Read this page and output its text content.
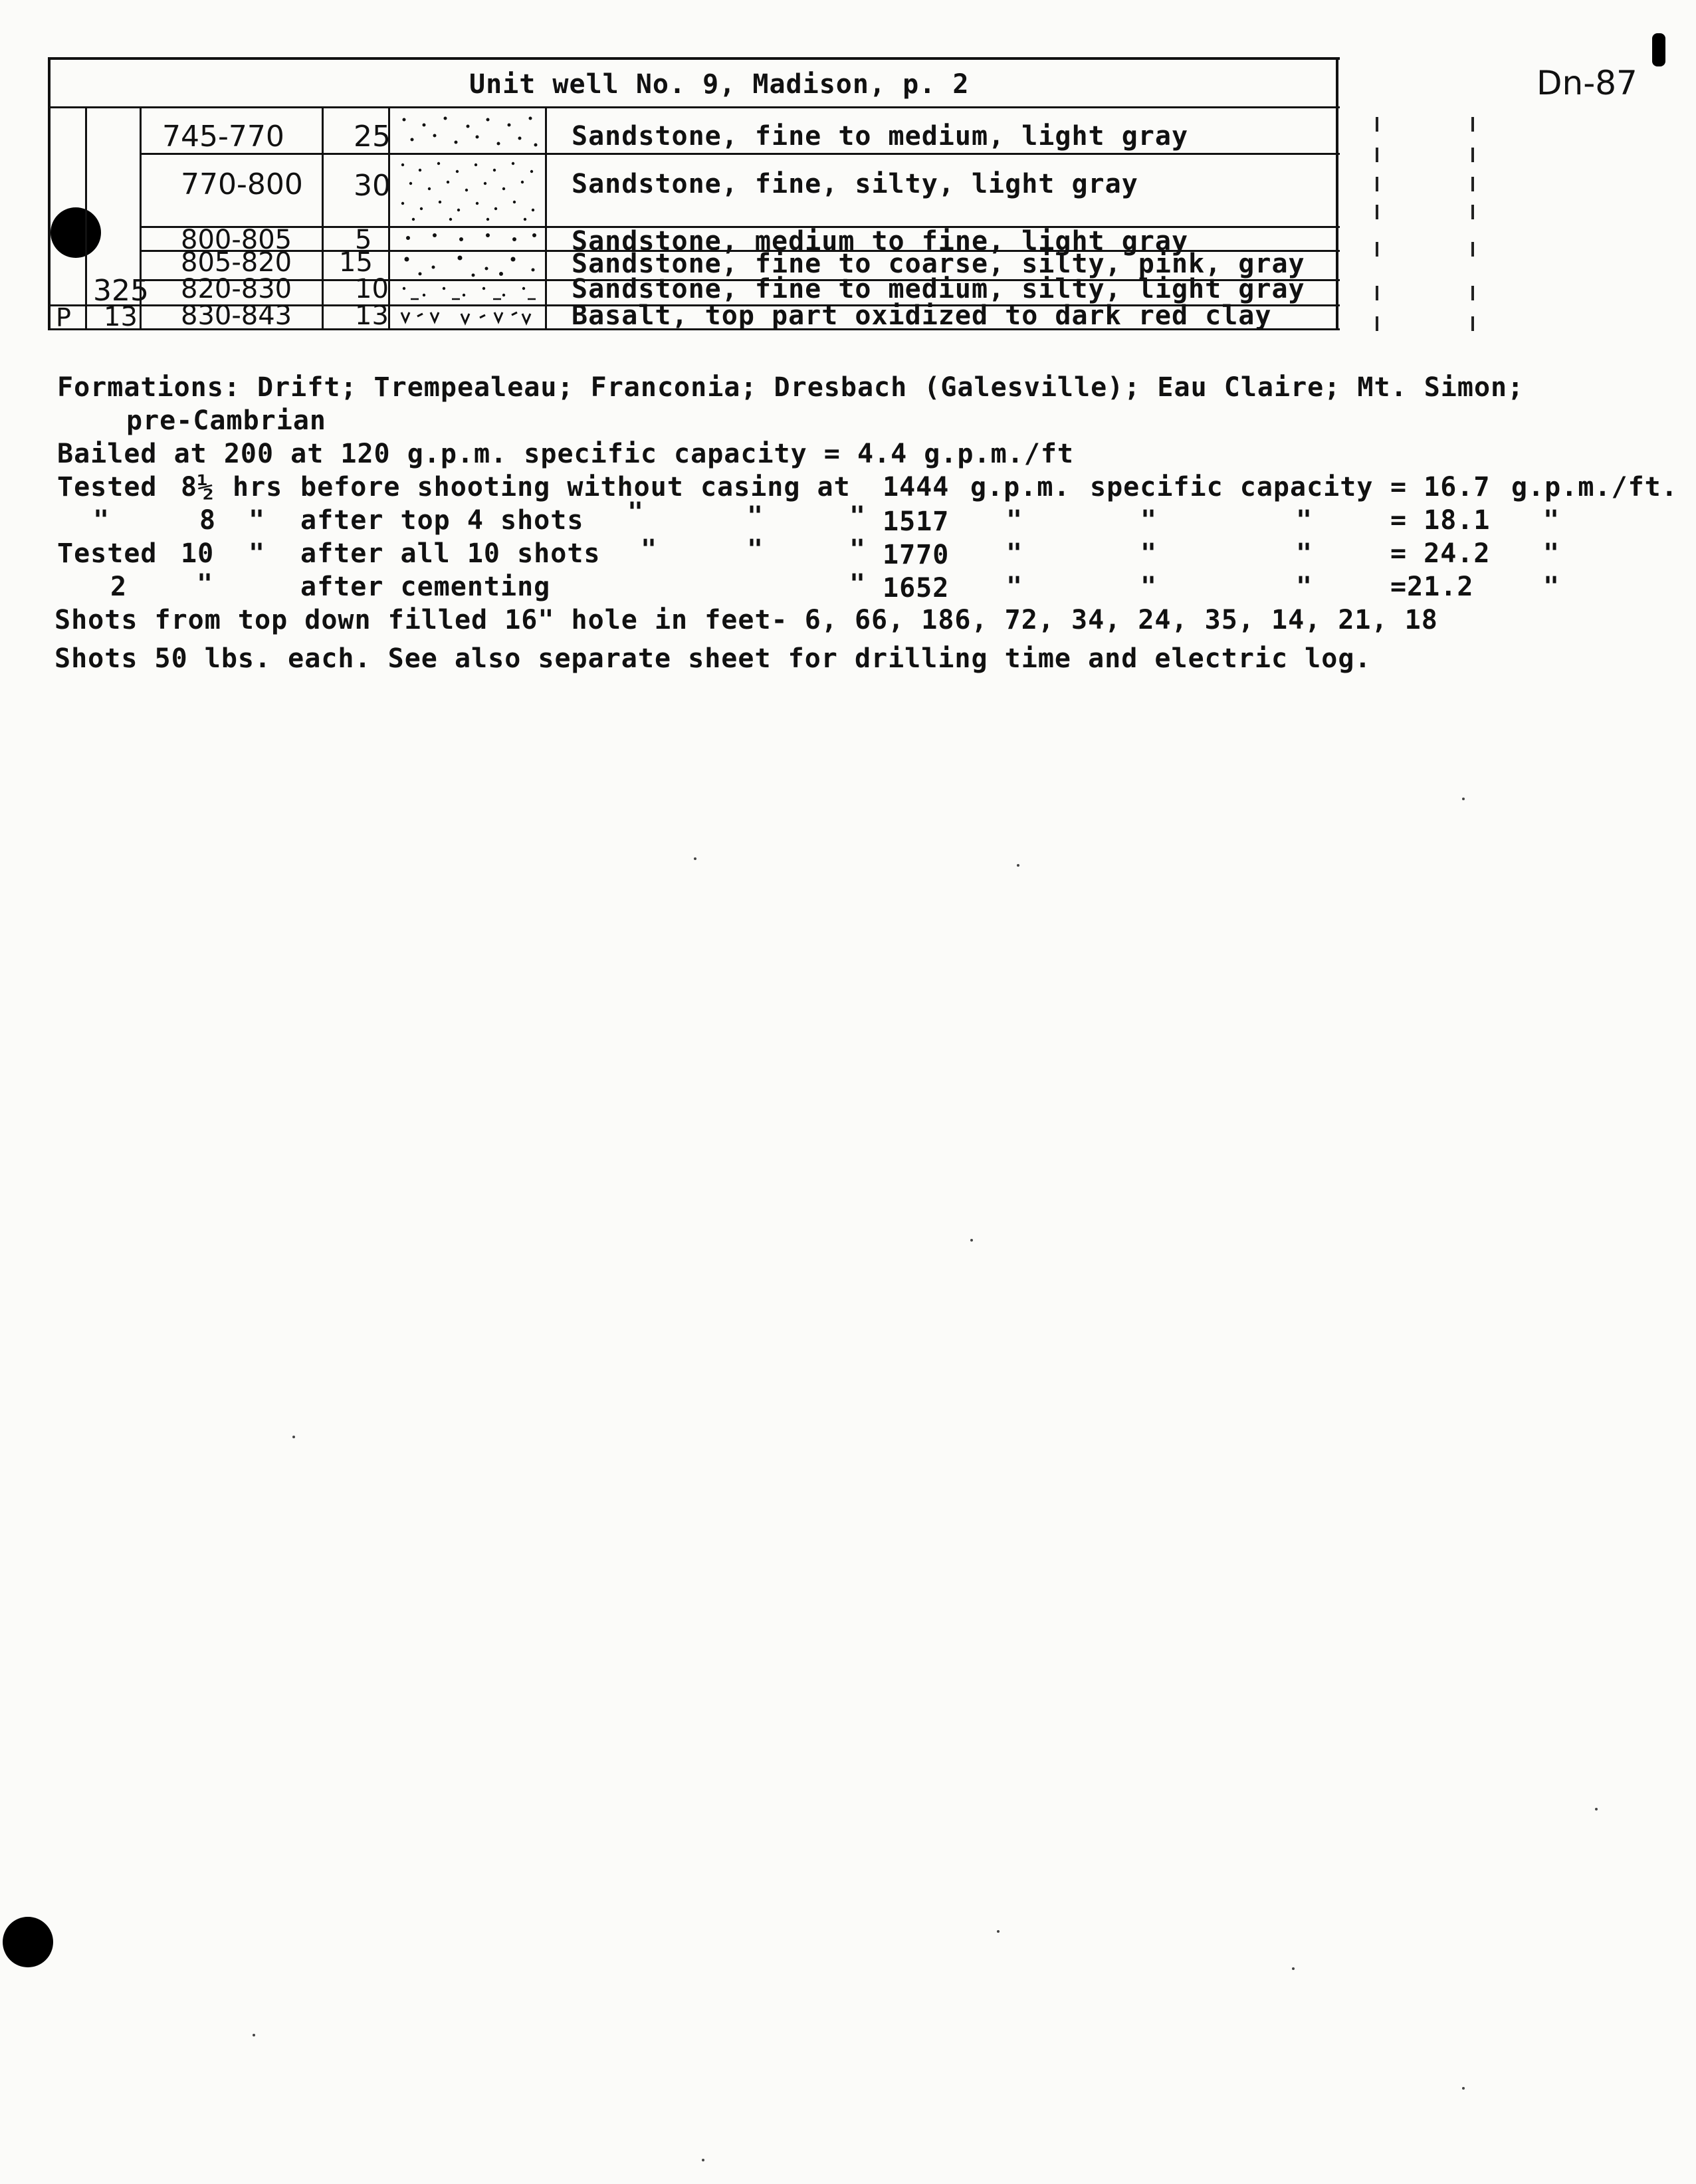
Unit well No. 9, Madison, p. 2	Dn-87
745-770 25	Sandstone, fine to medium, light gray
770-800 30	Sandstone, fine, silty, light gray
800-805 5	Sandstone, medium to fine, light gray
805-820 15	Sandstone, fine to coarse, silty, pink, gray
325 820-830 10	Sandstone, fine to medium, silty, light gray
P 13 830-843 13	Basalt, top part oxidized to dark red clay
Formations: Drift; Trempealeau; Franconia; Dresbach (Galesville); Eau Claire; Mt. Simon;
pre-Cambrian
Bailed at 200 at 120 g.p.m. specific capacity = 4.4 g.p.m./ft
Tested 8½ hrs before shooting without casing at 1444 g.p.m. specific capacity = 16.7 g.p.m./ft.
"	8 " after top 4 shots "	"	" 1517 "	"	"	= 18.1 "
Tested 10 " after all 10 shots "	"	" 1770 "	"	"	= 24.2 "
2	"	after cementing	" 1652 "	"	"	=21.2	"
Shots from top down filled 16" hole in feet- 6, 66, 186, 72, 34, 24, 35, 14, 21, 18
Shots 50 lbs. each. See also separate sheet for drilling time and electric log.
